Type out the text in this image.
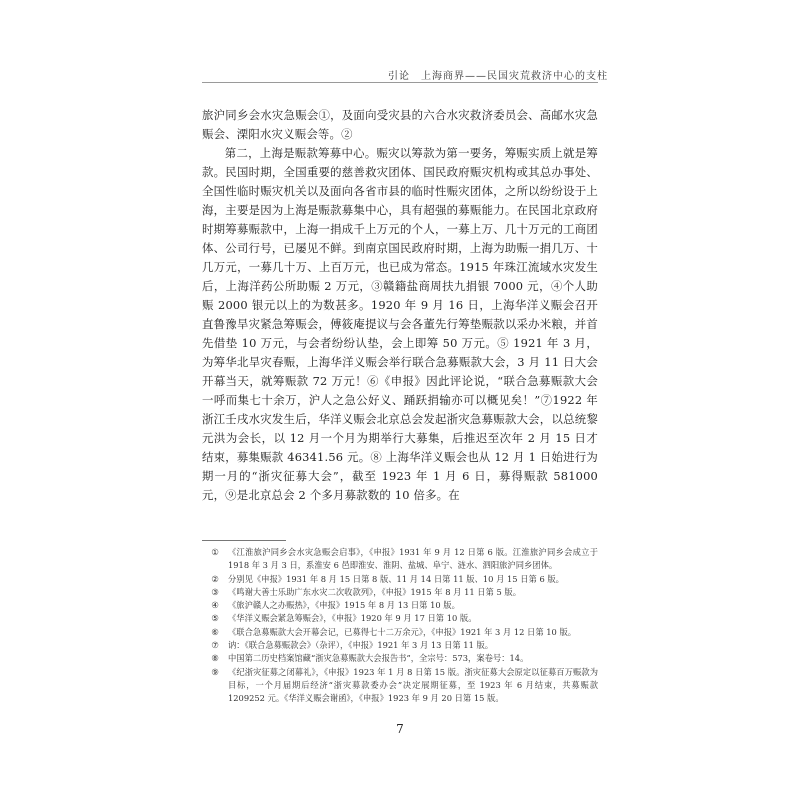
引论　上海商界——民国灾荒救济中心的支柱

旅沪同乡会水灾急赈会①，及面向受灾县的六合水灾救济委员会、高邮水灾急赈会、溧阳水灾义赈会等。②

第二，上海是赈款筹募中心。赈灾以筹款为第一要务，筹赈实质上就是筹款。民国时期，全国重要的慈善救灾团体、国民政府赈灾机构或其总办事处、全国性临时赈灾机关以及面向各省市县的临时性赈灾团体，之所以纷纷设于上海，主要是因为上海是赈款募集中心，具有超强的募赈能力。在民国北京政府时期筹募赈款中，上海一捐成千上万元的个人，一募上万、几十万元的工商团体、公司行号，已屡见不鲜。到南京国民政府时期，上海为助赈一捐几万、十几万元，一募几十万、上百万元，也已成为常态。1915 年珠江流域水灾发生后，上海洋药公所助赈 2 万元，③赣籍盐商周扶九捐银 7000 元，④个人助赈 2000 银元以上的为数甚多。1920 年 9 月 16 日，上海华洋义赈会召开直鲁豫旱灾紧急筹赈会，傅筱庵提议与会各董先行筹垫赈款以采办米粮，并首先借垫 10 万元，与会者纷纷认垫，会上即筹 50 万元。⑤ 1921 年 3 月，为筹华北旱灾春赈，上海华洋义赈会举行联合急募赈款大会，3 月 11 日大会开幕当天，就筹赈款 72 万元！⑥《申报》因此评论说，“联合急募赈款大会一呼而集七十余万，沪人之急公好义、踊跃捐输亦可以概见矣！”⑦1922 年浙江壬戌水灾发生后，华洋义赈会北京总会发起浙灾急募赈款大会，以总统黎元洪为会长，以 12 月一个月为期举行大募集，后推迟至次年 2 月 15 日才结束，募集赈款 46341.56 元。⑧ 上海华洋义赈会也从 12 月 1 日始进行为期一月的“浙灾征募大会”，截至 1923 年 1 月 6 日，募得赈款 581000 元，⑨是北京总会 2 个多月募款数的 10 倍多。在

①	《江淮旅沪同乡会水灾急赈会启事》，《申报》1931 年 9 月 12 日第 6 版。江淮旅沪同乡会成立于 1918 年 3 月 3 日，系淮安 6 邑即淮安、淮阴、盐城、阜宁、涟水、泗阳旅沪同乡团体。
②	分别见《申报》1931 年 8 月 15 日第 8 版、11 月 14 日第 11 版、10 月 15 日第 6 版。
③	《鸣谢大善士乐助广东水灾二次收款列》，《申报》1915 年 8 月 11 日第 5 版。
④	《旅沪赣人之办赈热》，《申报》1915 年 8 月 13 日第 10 版。
⑤	《华洋义赈会紧急筹赈会》，《申报》1920 年 9 月 17 日第 10 版。
⑥	《联合急募赈款大会开幕会记，已募得七十二万余元》，《申报》1921 年 3 月 12 日第 10 版。
⑦	讷：《联合急募赈款会》（杂评），《申报》1921 年 3 月 13 日第 11 版。
⑧	中国第二历史档案馆藏“浙灾急募赈款大会报告书”，全宗号：573，案卷号：14。
⑨	《纪浙灾征募之闭幕礼》，《申报》1923 年 1 月 8 日第 15 版。浙灾征募大会原定以征募百万赈款为目标，一个月届期后经济“浙灾募款委办会”决定展期征募，至 1923 年 6 月结束，共募赈款 1209252 元。《华洋义赈会谢函》，《申报》1923 年 9 月 20 日第 15 版。
7
